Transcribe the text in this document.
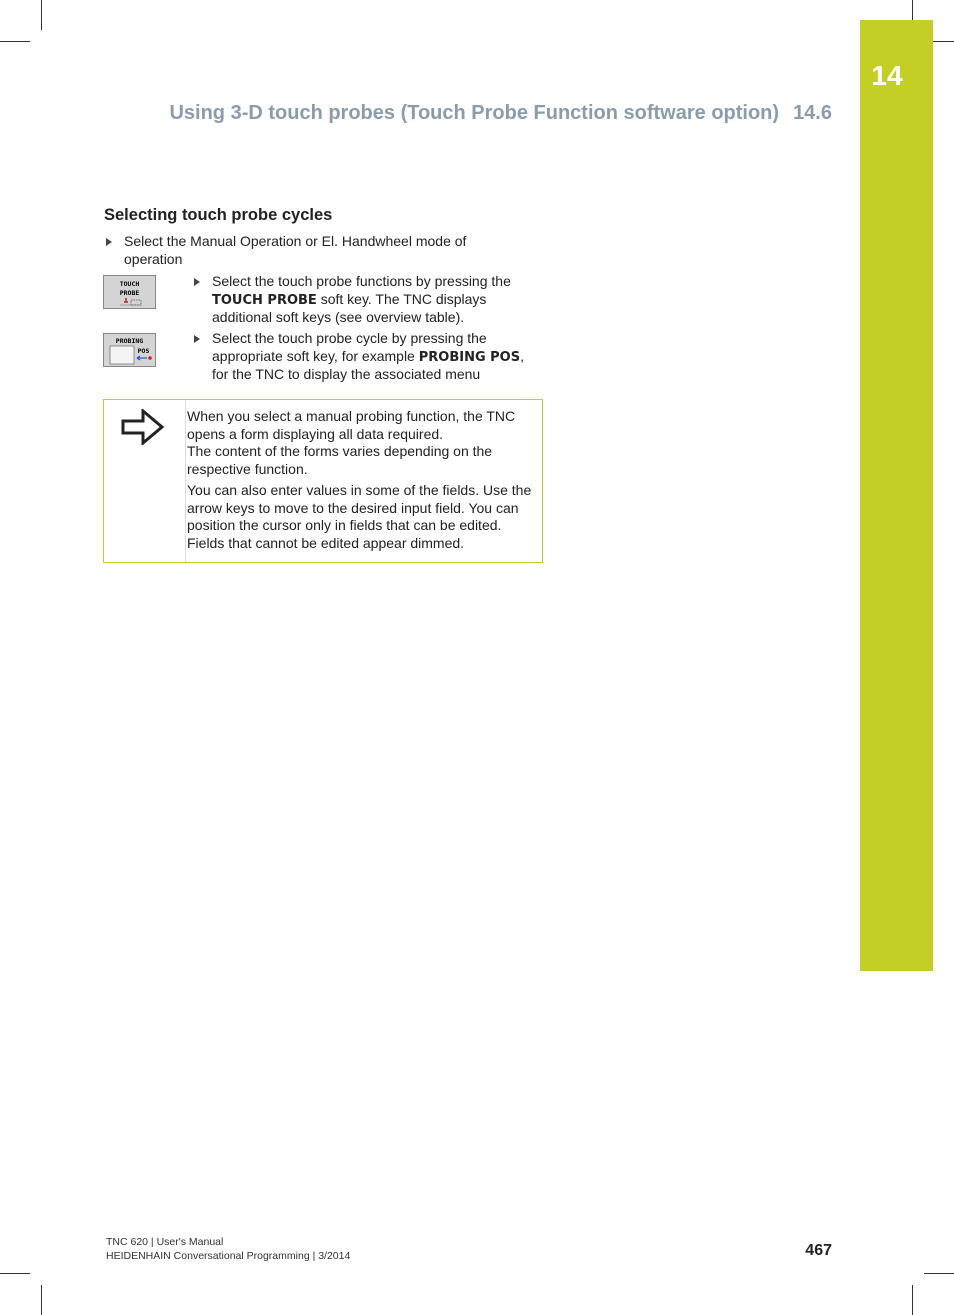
14
Using 3-D touch probes (Touch Probe Function software option) 14.6
Selecting touch probe cycles
Select the Manual Operation or El. Handwheel mode of operation
TOUCH
PROBE
Select the touch probe functions by pressing the TOUCH PROBE soft key. The TNC displays additional soft keys (see overview table).
PROBING
POS
Select the touch probe cycle by pressing the appropriate soft key, for example PROBING POS, for the TNC to display the associated menu
When you select a manual probing function, the TNC opens a form displaying all data required.
The content of the forms varies depending on the respective function.
You can also enter values in some of the fields. Use the arrow keys to move to the desired input field. You can position the cursor only in fields that can be edited. Fields that cannot be edited appear dimmed.
TNC 620 | User's Manual
HEIDENHAIN Conversational Programming | 3/2014	467
